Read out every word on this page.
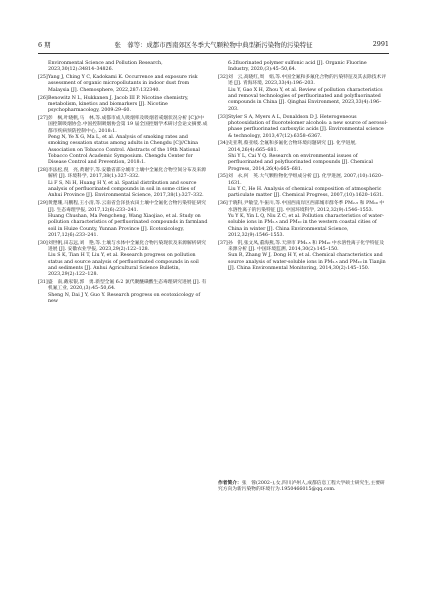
6 期	张　蓉等：成都市西南郊区冬季大气颗粒物中典型新污染物的污染特征	2991

Environmental Science and Pollution Research, 2023,30(12):34814–34826.

[25]Yang J, Ching Y C, Kadokami K. Occurrence and exposure risk assessment of organic micropollutants in indoor dust from Malaysia [J]. Chemosphere, 2022,287:132340.

[26]Benowitz N L, Hukkanen J, Jacob III P. Nicotine chemistry, metabolism, kinetics and biomarkers [J]. Nicotine psychopharmacology, 2009:29–60.

[27]彭　枫,叶晓帆,马　林,等.成都市成人吸烟率及吸烟者戒烟状况分析 [C]//中国控制吸烟协会.中国控制吸烟协会第 19 届全国控烟学术研讨会论文摘要.成都市疾病预防控制中心, 2018:1.

Peng N, Ye X G, Ma L, et al. Analysis of smoking rates and smoking cessation status among adults in Chengdu [C]//China Association on Tobacco Control. Abstracts of the 19th National Tobacco Control Academic Symposium. Chengdu Center for Disease Control and Prevention, 2018:1.

[28]李法松,倪　亮,黄谢宇,等.安徽省部分城市土壤中全氟化合物空间分布及来源解析 [J]. 环境科学, 2017,38(1):327–332.

Li F S, Ni H, Huang H Y, et al. Spatial distribution and source analysis of perfluorinated compounds in soil in some cities of Anhui Province [J]. Environmental Science, 2017,38(1):327–332.

[29]黄楚珊,马鹏程,王小清,等.云南省会泽县农田土壤中全氟化合物污染特征研究 [J]. 生态毒理学报, 2017,12(6):233–241.

Huang Chushan, Ma Pengcheng, Wang Xiaojiao, et al. Study on pollution characteristics of perfluorinated compounds in farmland soil in Huize County, Yunnan Province [J]. Ecotoxicology, 2017,12(6):233–241.

[30]刘世帆,田志远,刘　艳,等.土壤与水体中全氟化合物污染现状及来源解析研究进展 [J]. 安徽农业学报, 2023,29(2):122–128.

Liu S K, Tian H T, Liu Y, et al. Research progress on pollution status and source analysis of perfluorinated compounds in soil and sediments [J]. Anhui Agricultural Science Bulletin, 2023,29(2):122–128.

[31]盛　南,戴家银,郭　勇.新型全氟 6:2 氯代聚醚磺酸生态毒理研究进展 [J]. 有机氟工业, 2020,(3):45–50,64.

Sheng N, Dai J Y, Guo Y. Research progress on ecotoxicology of new

6:2fluorinated polymer sulfonic acid [J]. Organic Fluorine Industry, 2020,(3):45–50,64.

[32]刘　云,高晓红,周　娟,等.中国全氟和多氟化合物的污染特征及其去除技术评述 [J]. 青海环境, 2023,33(4):196–203.

Liu Y, Gao X H, Zhou Y, et al. Review of pollution characteristics and removal technologies of perfluorinated and polyfluorinated compounds in China [J]. Qinghai Environment, 2023,33(4):196–203.

[33]Styler S A, Myers A L, Donaldson D J. Heterogeneous photooxidation of fluorotelomer alcohols: a new source of aerosol-phase perfluorinated carboxylic acids [J]. Environmental science & technology, 2013,47(12):6358–6367.

[34]史亚利,蔡亚岐.全氟和多氟化合物环境问题研究 [J]. 化学进展, 2014,26(4):665–681.

Shi Y L, Cai Y Q. Research on environmental issues of perfluorinated and polyfluorinated compounds [J]. Chemical Progress, 2014,26(4):665–681.

[35]刘　永,何　英.大气颗粒物化学组成分析 [J]. 化学进展, 2007,(10):1620–1631.

Liu Y C, He H. Analysis of chemical composition of atmospheric particulate matter [J]. Chemical Progress, 2007,(10):1620–1631.

[36]于晓科,尹敏莹,牛振川,等.中国西南岸区西部城市群冬季 PM₂.₅ 和 PM₁₀ 中水溶性离子的污染特征 [J]. 中国环境科学, 2012,32(9):1546–1553.

Yu Y K, Yin L Q, Niu Z C, et al. Pollution characteristics of water-soluble ions in PM₂.₅ and PM₁₀ in the western coastal cities of China in winter [J]. China Environmental Science, 2012,32(9):1546–1553.

[37]孙　钒,张文凤,董海燕,等.天津市 PM₂.₅ 和 PM₁₀ 中水溶性离子化学特征及来源分析 [J]. 中国环境监测, 2014,30(2):145–150.

Sun R, Zhang W J, Dong H Y, et al. Chemical characteristics and source analysis of water-soluble ions in PM₂.₅ and PM₁₀ in Tianjin [J]. China Environmental Monitoring, 2014,30(2):145–150.

作者简介：张　蓉(2002–),女,四川泸州人,成都信息工程大学硕士研究生,主要研究方向为新污染物的环境行为.1950466015@qq.com.
